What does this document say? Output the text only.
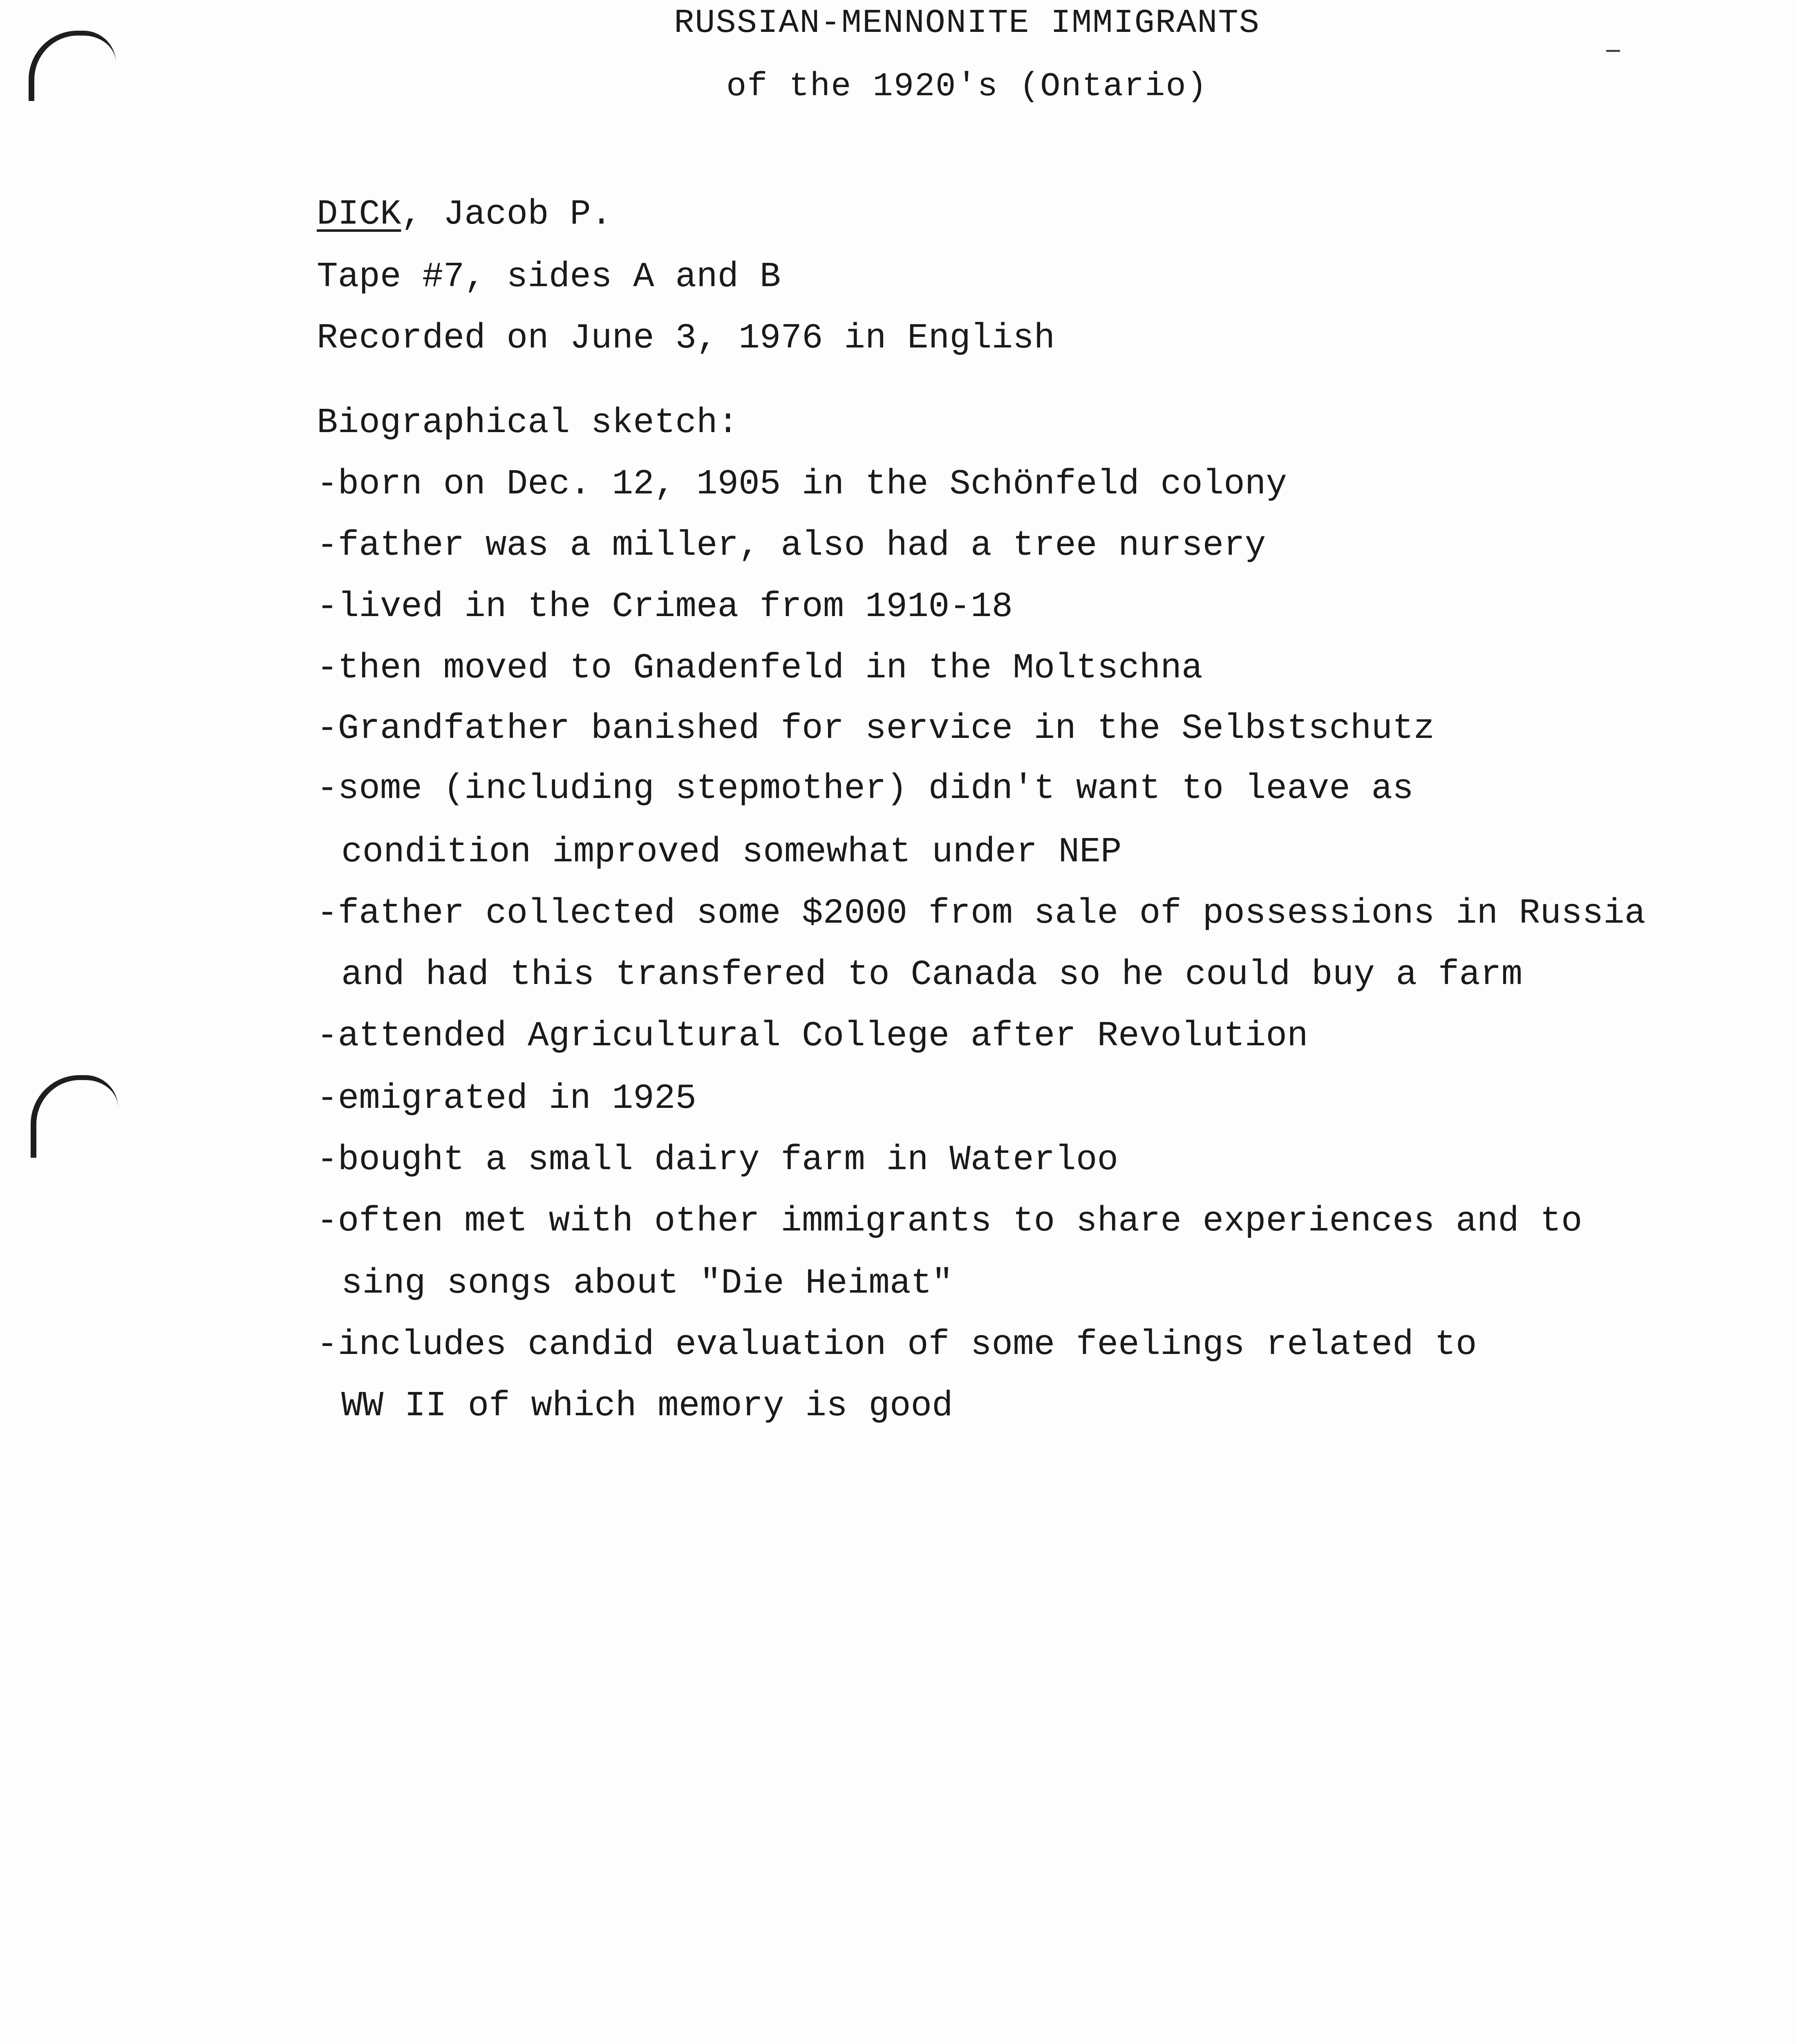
RUSSIAN-MENNONITE IMMIGRANTS
of the 1920's (Ontario)
DICK, Jacob P.
Tape #7, sides A and B
Recorded on June 3, 1976 in English
Biographical sketch:
-born on Dec. 12, 1905 in the Schönfeld colony
-father was a miller, also had a tree nursery
-lived in the Crimea from 1910-18
-then moved to Gnadenfeld in the Moltschna
-Grandfather banished for service in the Selbstschutz
-some (including stepmother) didn't want to leave as
condition improved somewhat under NEP
-father collected some $2000 from sale of possessions in Russia
and had this transfered to Canada so he could buy a farm
-attended Agricultural College after Revolution
-emigrated in 1925
-bought a small dairy farm in Waterloo
-often met with other immigrants to share experiences and to
sing songs about "Die Heimat"
-includes candid evaluation of some feelings related to
WW II of which memory is good
